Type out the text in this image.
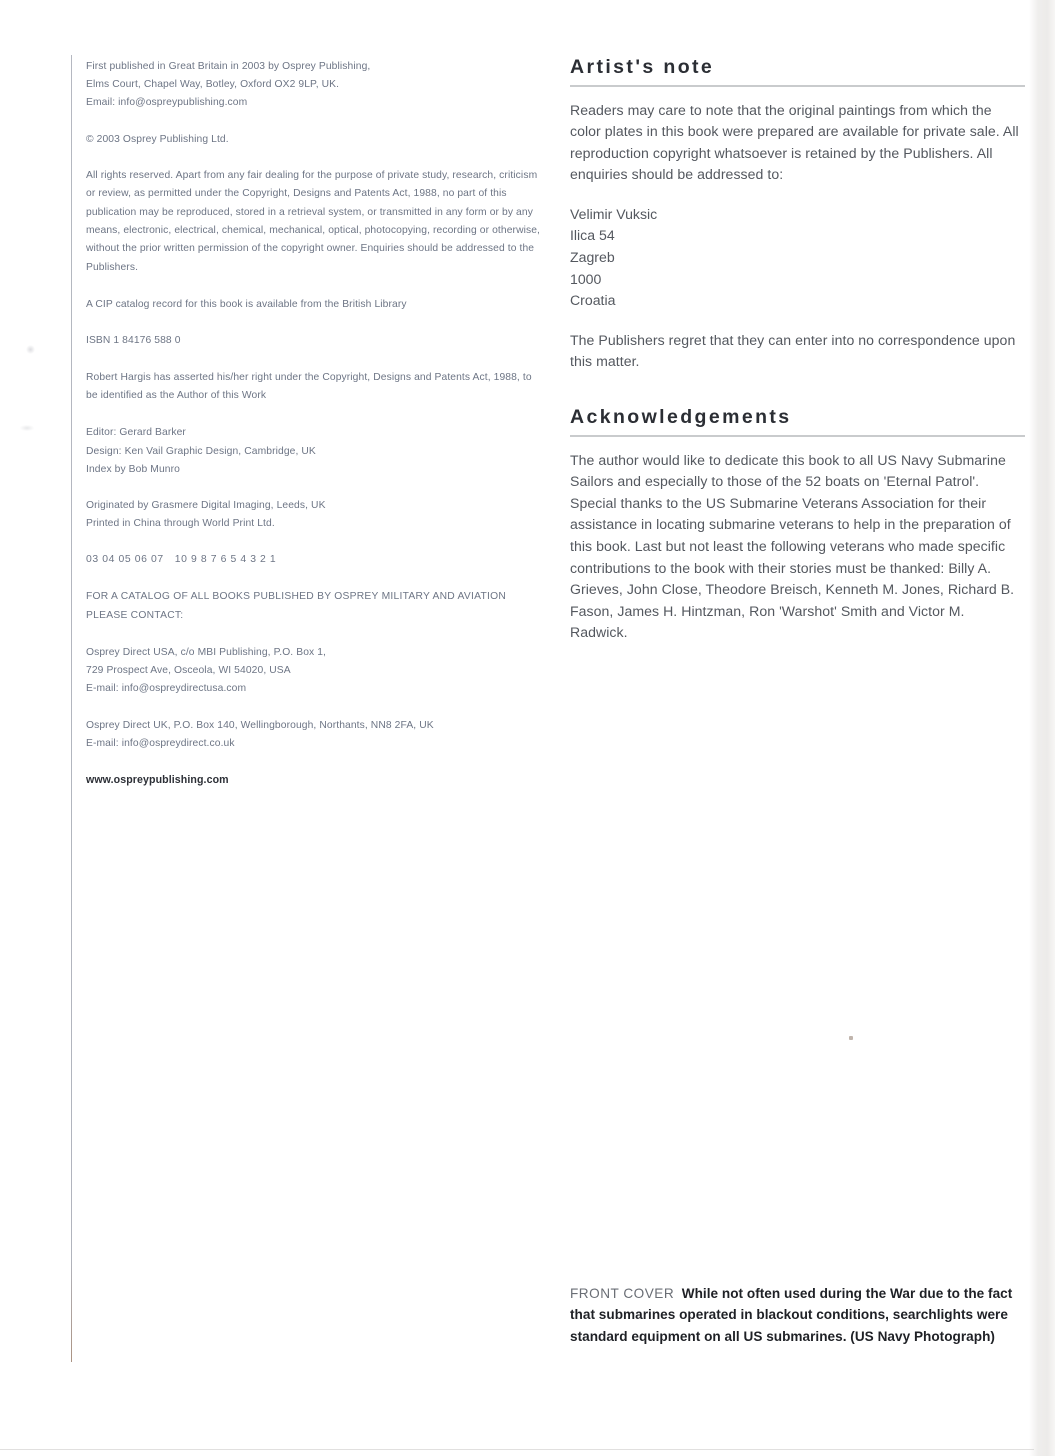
First published in Great Britain in 2003 by Osprey Publishing,
Elms Court, Chapel Way, Botley, Oxford OX2 9LP, UK.
Email: info@ospreypublishing.com
© 2003 Osprey Publishing Ltd.
All rights reserved. Apart from any fair dealing for the purpose of private study, research, criticism or review, as permitted under the Copyright, Designs and Patents Act, 1988, no part of this publication may be reproduced, stored in a retrieval system, or transmitted in any form or by any means, electronic, electrical, chemical, mechanical, optical, photocopying, recording or otherwise, without the prior written permission of the copyright owner. Enquiries should be addressed to the Publishers.
A CIP catalog record for this book is available from the British Library
ISBN 1 84176 588 0
Robert Hargis has asserted his/her right under the Copyright, Designs and Patents Act, 1988, to be identified as the Author of this Work
Editor: Gerard Barker
Design: Ken Vail Graphic Design, Cambridge, UK
Index by Bob Munro
Originated by Grasmere Digital Imaging, Leeds, UK
Printed in China through World Print Ltd.
03 04 05 06 07 10 9 8 7 6 5 4 3 2 1
FOR A CATALOG OF ALL BOOKS PUBLISHED BY OSPREY MILITARY AND AVIATION PLEASE CONTACT:
Osprey Direct USA, c/o MBI Publishing, P.O. Box 1,
729 Prospect Ave, Osceola, WI 54020, USA
E-mail: info@ospreydirectusa.com
Osprey Direct UK, P.O. Box 140, Wellingborough, Northants, NN8 2FA, UK
E-mail: info@ospreydirect.co.uk
www.ospreypublishing.com
Artist's note
Readers may care to note that the original paintings from which the color plates in this book were prepared are available for private sale. All reproduction copyright whatsoever is retained by the Publishers. All enquiries should be addressed to:
Velimir Vuksic
Ilica 54
Zagreb
1000
Croatia
The Publishers regret that they can enter into no correspondence upon this matter.
Acknowledgements
The author would like to dedicate this book to all US Navy Submarine Sailors and especially to those of the 52 boats on 'Eternal Patrol'. Special thanks to the US Submarine Veterans Association for their assistance in locating submarine veterans to help in the preparation of this book. Last but not least the following veterans who made specific contributions to the book with their stories must be thanked: Billy A. Grieves, John Close, Theodore Breisch, Kenneth M. Jones, Richard B. Fason, James H. Hintzman, Ron 'Warshot' Smith and Victor M. Radwick.
FRONT COVER While not often used during the War due to the fact that submarines operated in blackout conditions, searchlights were standard equipment on all US submarines. (US Navy Photograph)
